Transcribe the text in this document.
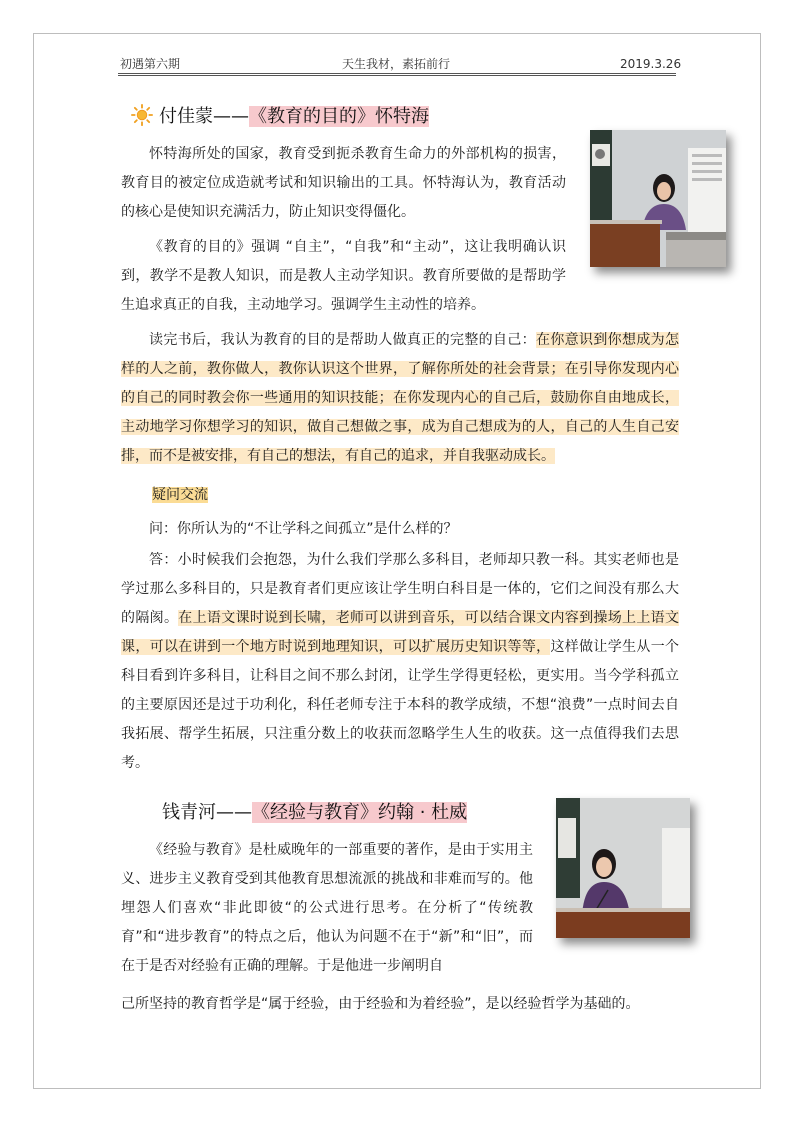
初遇第六期	天生我材，素拓前行	2019.3.26
付佳蒙——《教育的目的》怀特海

怀特海所处的国家，教育受到扼杀教育生命力的外部机构的损害，教育目的被定位成造就考试和知识输出的工具。怀特海认为，教育活动的核心是使知识充满活力，防止知识变得僵化。

《教育的目的》强调 “自主”，“自我”和“主动”，这让我明确认识到，教学不是教人知识，而是教人主动学知识。教育所要做的是帮助学生追求真正的自我，主动地学习。强调学生主动性的培养。

读完书后，我认为教育的目的是帮助人做真正的完整的自己：在你意识到你想成为怎样的人之前，教你做人，教你认识这个世界，了解你所处的社会背景；在引导你发现内心的自己的同时教会你一些通用的知识技能；在你发现内心的自己后，鼓励你自由地成长，主动地学习你想学习的知识，做自己想做之事，成为自己想成为的人，自己的人生自己安排，而不是被安排，有自己的想法，有自己的追求，并自我驱动成长。

疑问交流

问：你所认为的“不让学科之间孤立”是什么样的？

答：小时候我们会抱怨，为什么我们学那么多科目，老师却只教一科。其实老师也是学过那么多科目的，只是教育者们更应该让学生明白科目是一体的，它们之间没有那么大的隔阂。在上语文课时说到长啸，老师可以讲到音乐，可以结合课文内容到操场上上语文课，可以在讲到一个地方时说到地理知识，可以扩展历史知识等等，这样做让学生从一个科目看到许多科目，让科目之间不那么封闭，让学生学得更轻松，更实用。当今学科孤立的主要原因还是过于功利化，科任老师专注于本科的教学成绩，不想“浪费”一点时间去自我拓展、帮学生拓展，只注重分数上的收获而忽略学生人生的收获。这一点值得我们去思考。

钱青河——《经验与教育》约翰 · 杜威

《经验与教育》是杜威晚年的一部重要的著作，是由于实用主义、进步主义教育受到其他教育思想流派的挑战和非难而写的。他埋怨人们喜欢“非此即彼“的公式进行思考。在分析了“传统教育”和“进步教育”的特点之后，他认为问题不在于“新”和“旧”，而在于是否对经验有正确的理解。于是他进一步阐明自

己所坚持的教育哲学是“属于经验，由于经验和为着经验”，是以经验哲学为基础的。
